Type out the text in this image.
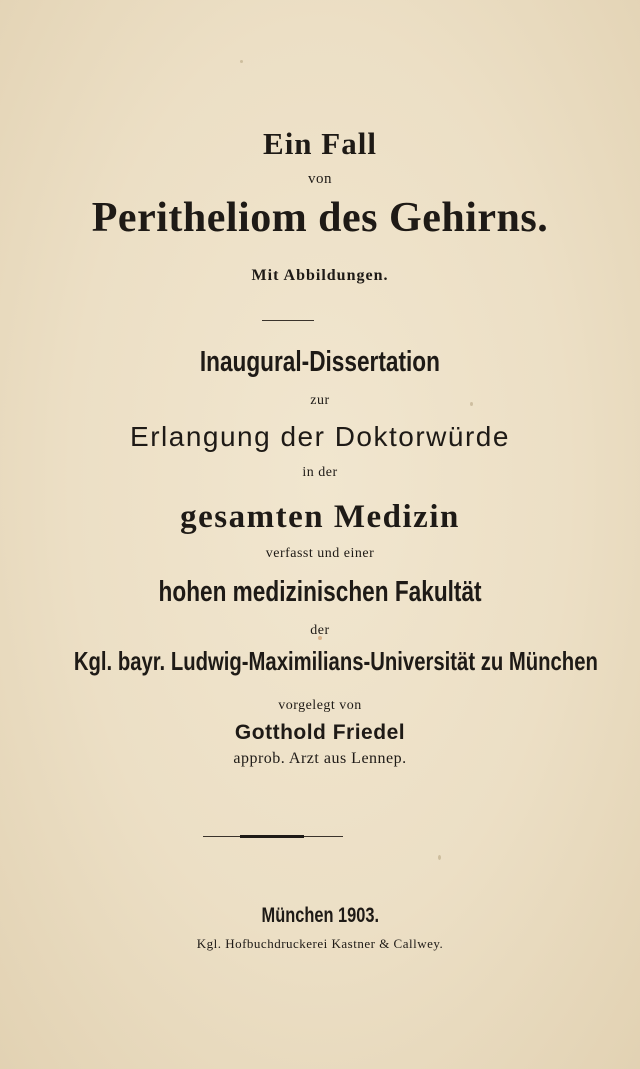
Ein Fall
von
Peritheliom des Gehirns.
Mit Abbildungen.
Inaugural-Dissertation
zur
Erlangung der Doktorwürde
in der
gesamten Medizin
verfasst und einer
hohen medizinischen Fakultät
der
Kgl. bayr. Ludwig-Maximilians-Universität zu München
vorgelegt von
Gotthold Friedel
approb. Arzt aus Lennep.
München 1903.
Kgl. Hofbuchdruckerei Kastner & Callwey.
